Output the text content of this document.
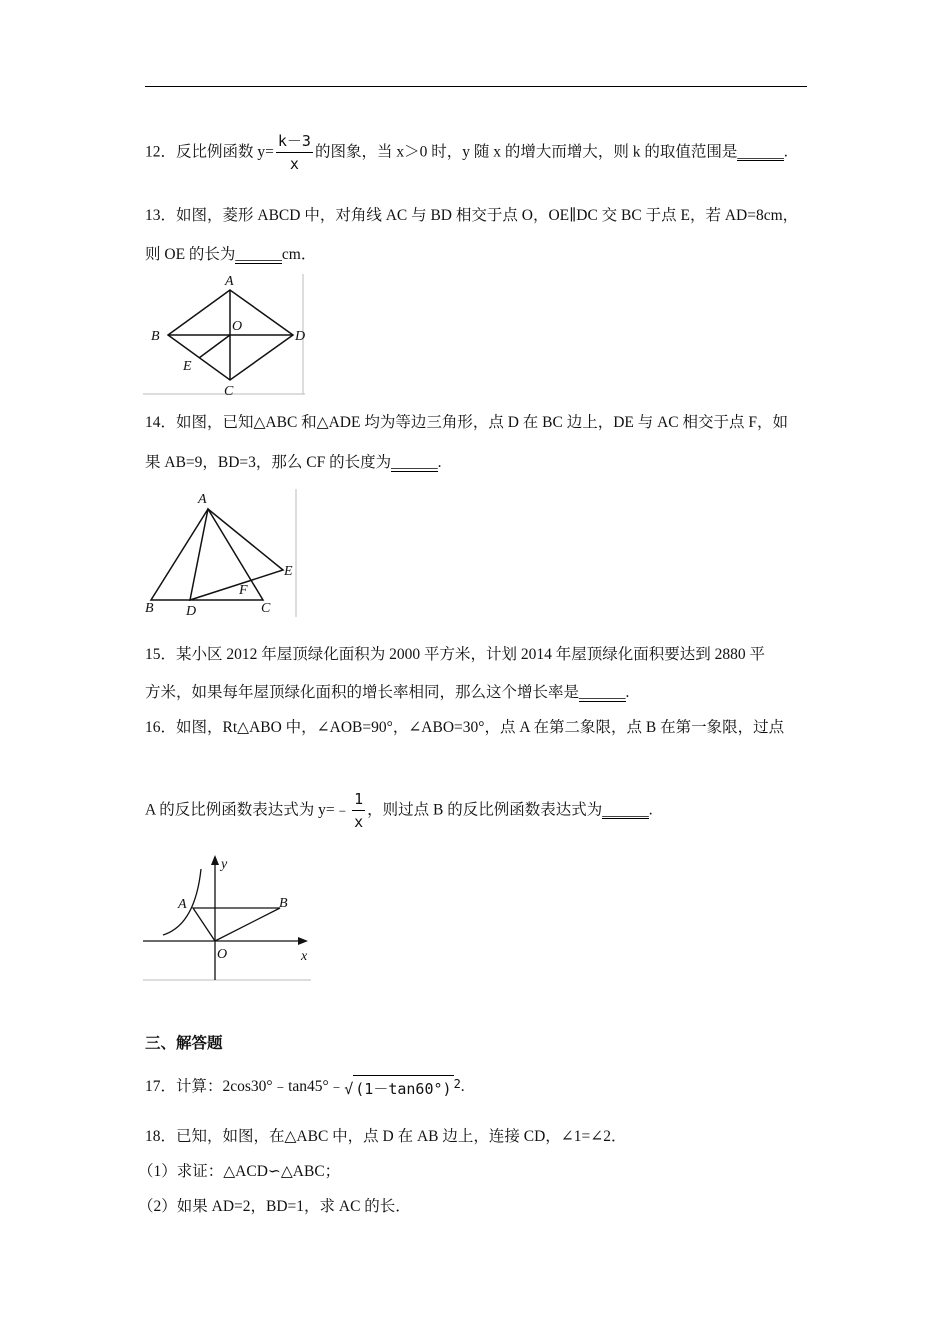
12．反比例函数 $y= \frac{k-3}{x}$ 的图象，当 x＞0 时，y 随 x 的增大而增大，则 k 的取值范围是______.
13．如图，菱形 ABCD 中，对角线 AC 与 BD 相交于点 O，OE∥DC 交 BC 于点 E，若 AD=8cm，
则 OE 的长为______cm．
A
B	D
O
E
C
14．如图，已知△ABC 和△ADE 均为等边三角形，点 D 在 BC 边上，DE 与 AC 相交于点 F，如
果 AB=9，BD=3，那么 CF 的长度为______.
A
B D	C
F
E
15．某小区 2012 年屋顶绿化面积为 2000 平方米，计划 2014 年屋顶绿化面积要达到 2880 平
方米，如果每年屋顶绿化面积的增长率相同，那么这个增长率是______.
16．如图，Rt△ABO 中，∠AOB=90°，∠ABO=30°，点 A 在第二象限，点 B 在第一象限，过点
A 的反比例函数表达式为 y=﹣ $\frac{1}{x}$ ，则过点 B 的反比例函数表达式为______.
y
A	B
O	x
三、解答题
17．计算：2cos30°﹣tan45°﹣√ (1－tan60°) $^2$.
18．已知，如图，在△ABC 中，点 D 在 AB 边上，连接 CD，∠1=∠2．
（1）求证：△ACD∽△ABC；
（2）如果 AD=2，BD=1，求 AC 的长．
